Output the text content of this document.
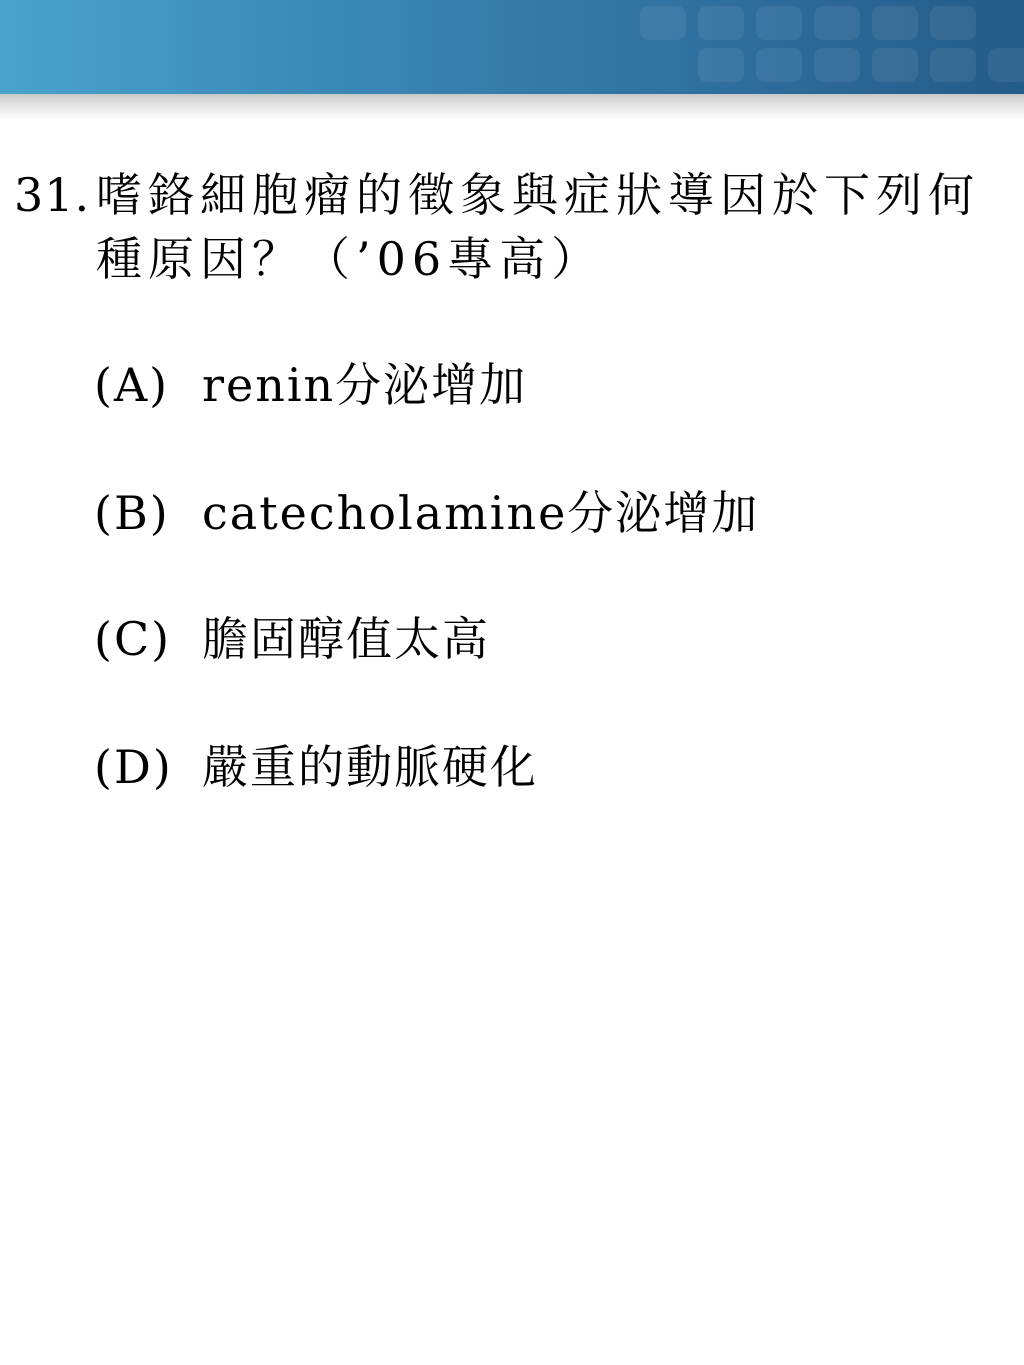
31. 嗜鉻細胞瘤的徵象與症狀導因於下列何
種原因？（’06專高）
(A) renin分泌增加
(B) catecholamine分泌增加
(C) 膽固醇值太高
(D) 嚴重的動脈硬化
